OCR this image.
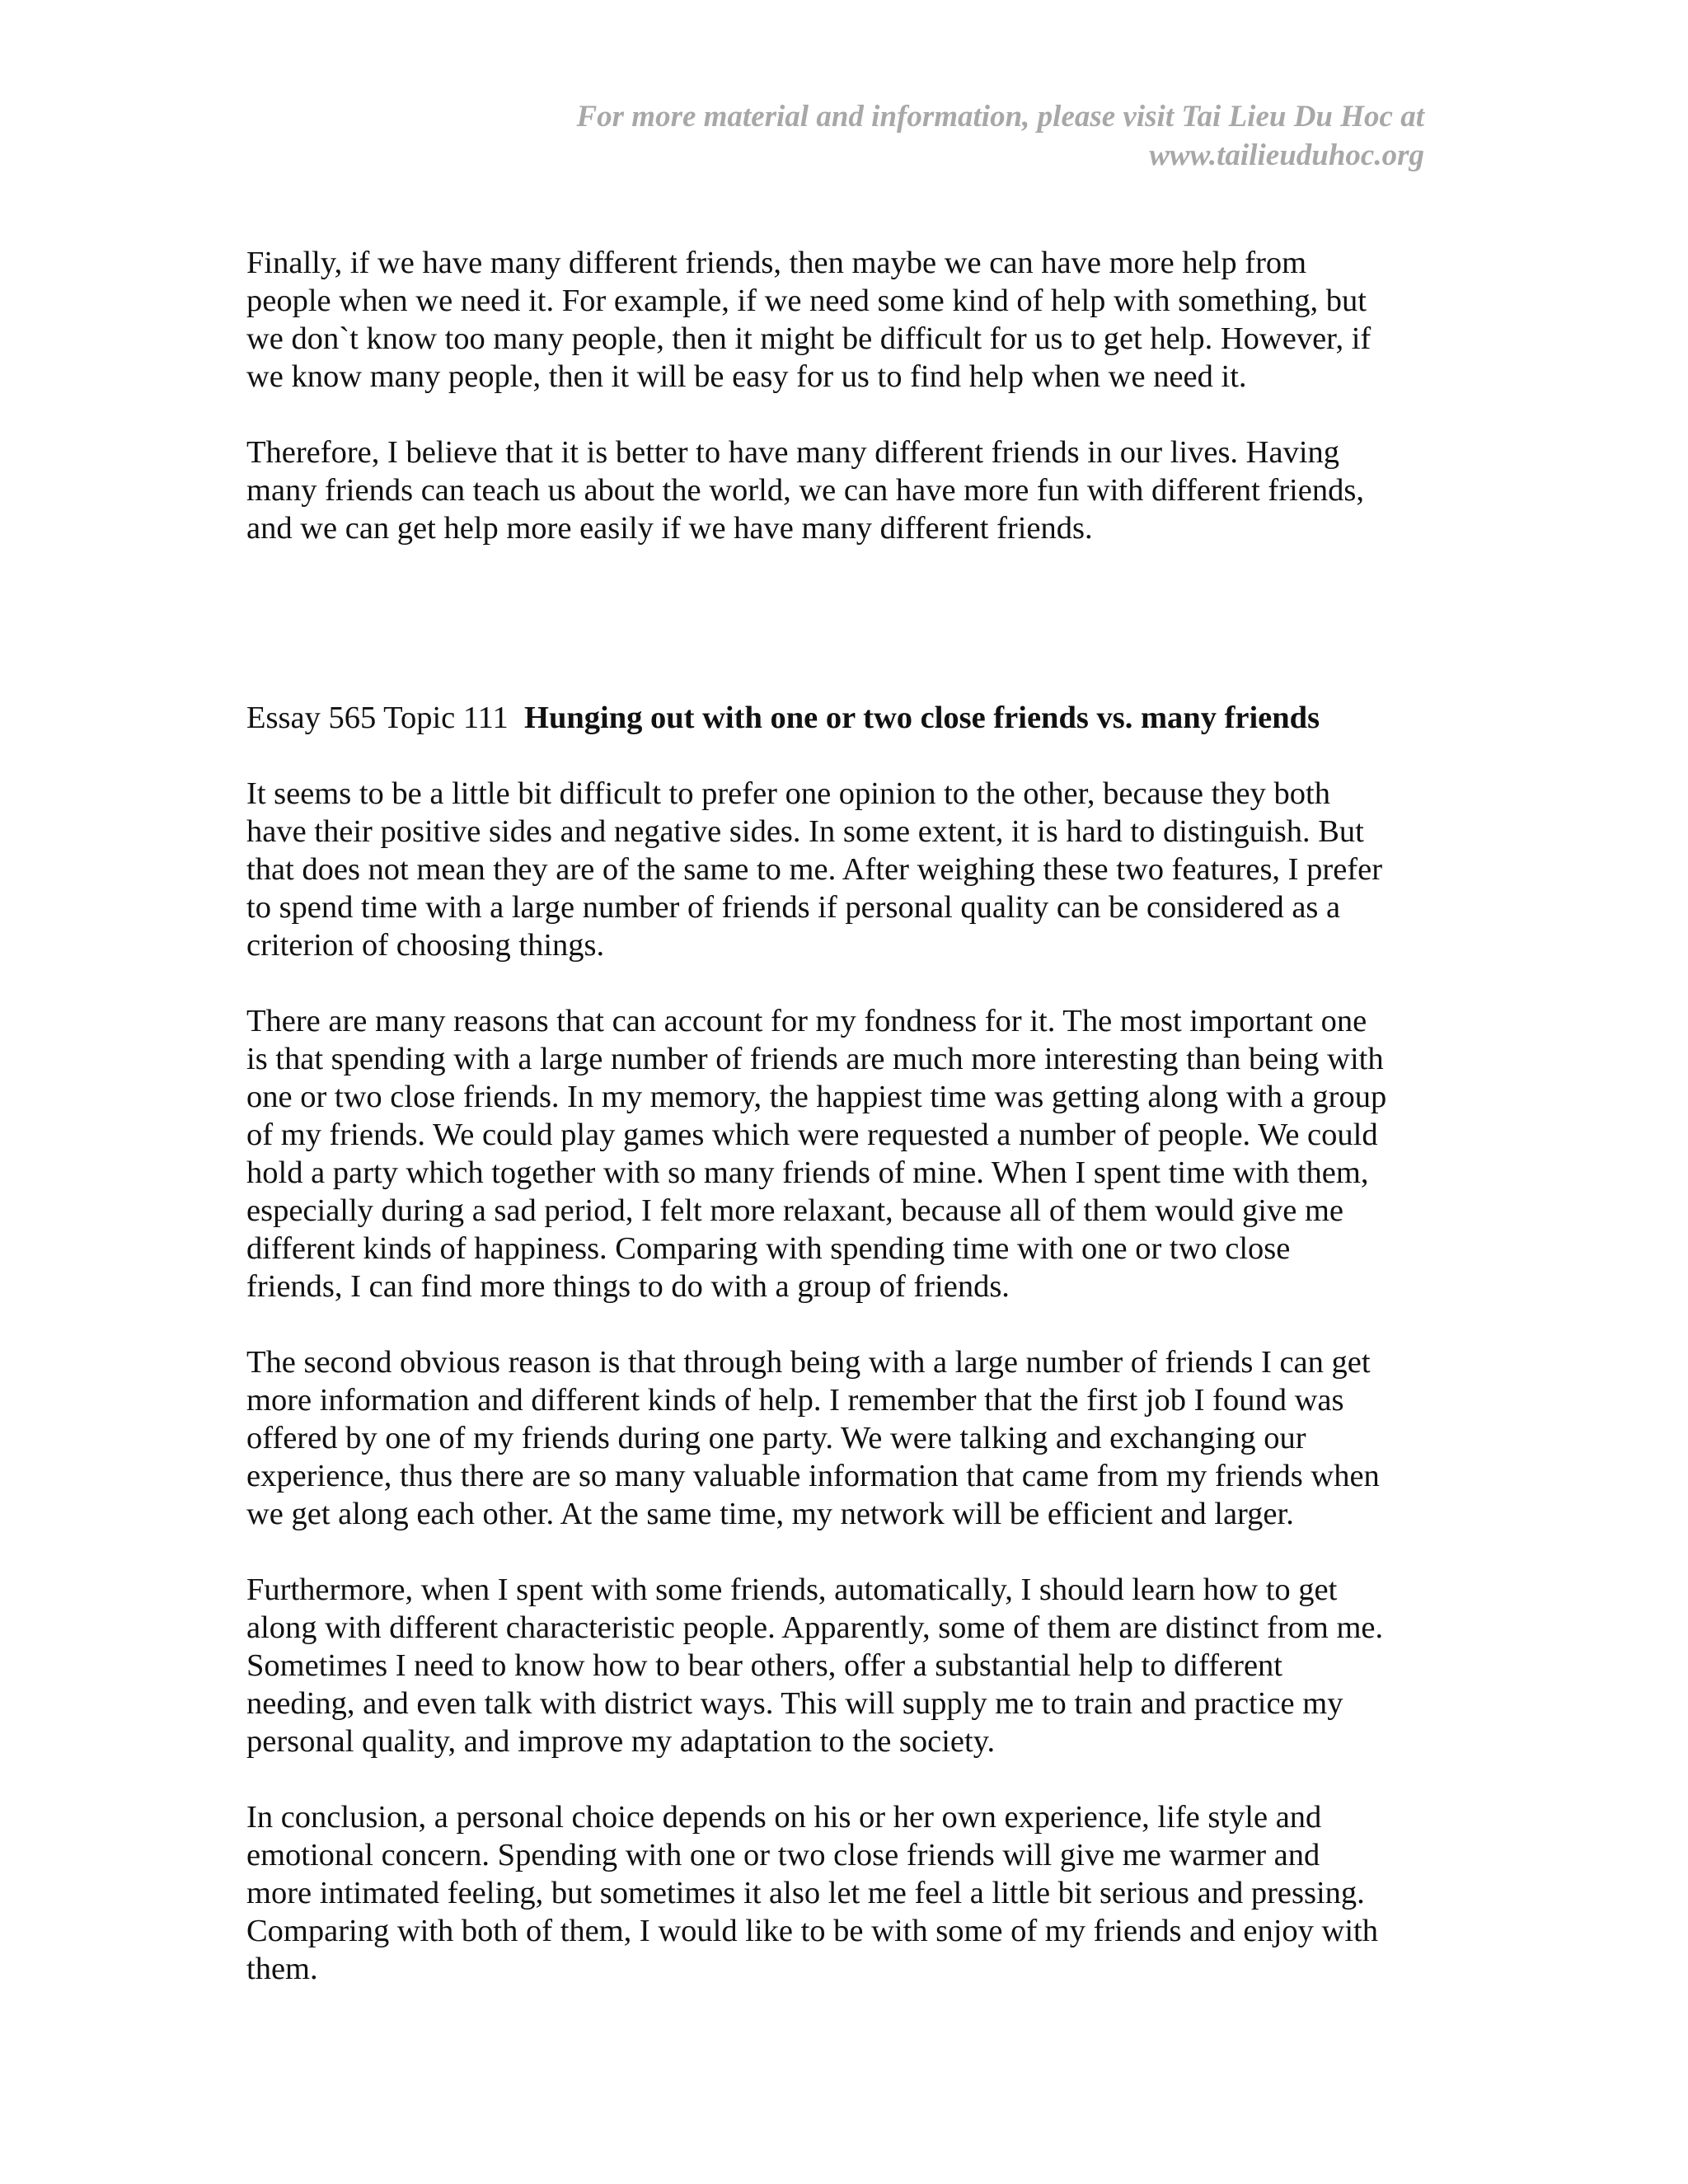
For more material and information, please visit Tai Lieu Du Hoc at
www.tailieuduhoc.org

Finally, if we have many different friends, then maybe we can have more help from
people when we need it. For example, if we need some kind of help with something, but
we don`t know too many people, then it might be difficult for us to get help. However, if
we know many people, then it will be easy for us to find help when we need it.

Therefore, I believe that it is better to have many different friends in our lives. Having
many friends can teach us about the world, we can have more fun with different friends,
and we can get help more easily if we have many different friends.

Essay 565 Topic 111 Hunging out with one or two close friends vs. many friends

It seems to be a little bit difficult to prefer one opinion to the other, because they both
have their positive sides and negative sides. In some extent, it is hard to distinguish. But
that does not mean they are of the same to me. After weighing these two features, I prefer
to spend time with a large number of friends if personal quality can be considered as a
criterion of choosing things.

There are many reasons that can account for my fondness for it. The most important one
is that spending with a large number of friends are much more interesting than being with
one or two close friends. In my memory, the happiest time was getting along with a group
of my friends. We could play games which were requested a number of people. We could
hold a party which together with so many friends of mine. When I spent time with them,
especially during a sad period, I felt more relaxant, because all of them would give me
different kinds of happiness. Comparing with spending time with one or two close
friends, I can find more things to do with a group of friends.

The second obvious reason is that through being with a large number of friends I can get
more information and different kinds of help. I remember that the first job I found was
offered by one of my friends during one party. We were talking and exchanging our
experience, thus there are so many valuable information that came from my friends when
we get along each other. At the same time, my network will be efficient and larger.

Furthermore, when I spent with some friends, automatically, I should learn how to get
along with different characteristic people. Apparently, some of them are distinct from me.
Sometimes I need to know how to bear others, offer a substantial help to different
needing, and even talk with district ways. This will supply me to train and practice my
personal quality, and improve my adaptation to the society.

In conclusion, a personal choice depends on his or her own experience, life style and
emotional concern. Spending with one or two close friends will give me warmer and
more intimated feeling, but sometimes it also let me feel a little bit serious and pressing.
Comparing with both of them, I would like to be with some of my friends and enjoy with
them.
